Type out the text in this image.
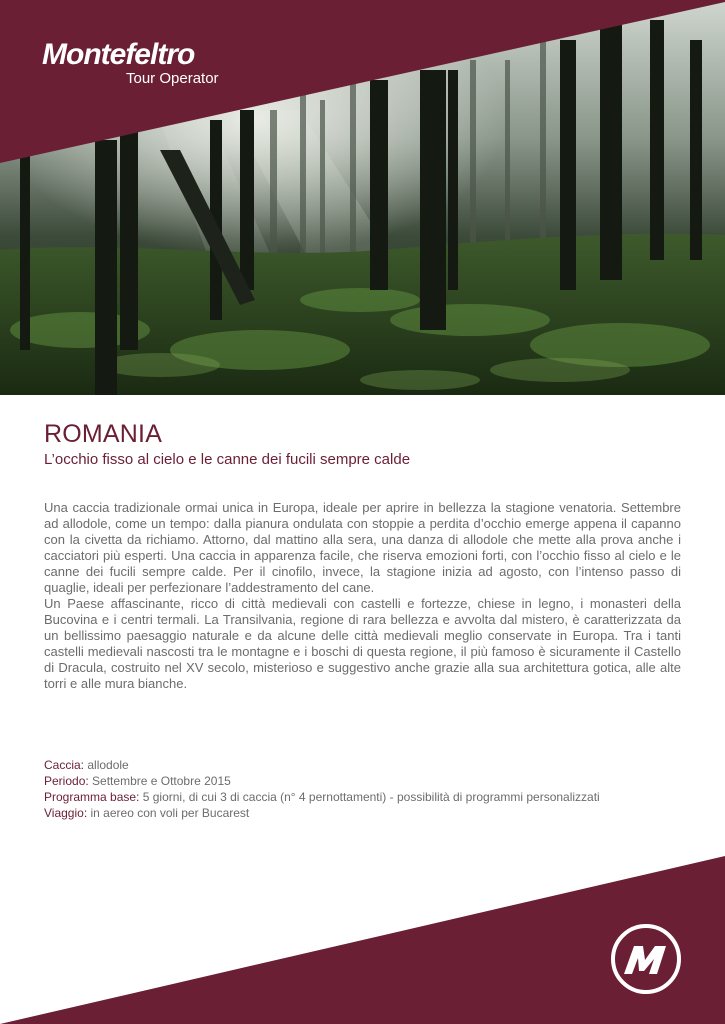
Montefeltro
Tour Operator
ROMANIA
L’occhio fisso al cielo e le canne dei fucili sempre calde

Una caccia tradizionale ormai unica in Europa, ideale per aprire in bellezza la stagione venatoria. Settembre ad allodole, come un tempo: dalla pianura ondulata con stoppie a perdita d’occhio emerge appena il capanno con la civetta da richiamo. Attorno, dal mattino alla sera, una danza di allodole che mette alla prova anche i cacciatori più esperti. Una caccia in apparenza facile, che riserva emozioni forti, con l’occhio fisso al cielo e le canne dei fucili sempre calde. Per il cinofilo, invece, la stagione inizia ad agosto, con l’intenso passo di quaglie, ideali per perfezionare l’addestramento del cane.

Un Paese affascinante, ricco di città medievali con castelli e fortezze, chiese in legno, i monasteri della Bucovina e i centri termali. La Transilvania, regione di rara bellezza e avvolta dal mistero, è caratterizzata da un bellissimo paesaggio naturale e da alcune delle città medievali meglio conservate in Europa. Tra i tanti castelli medievali nascosti tra le montagne e i boschi di questa regione, il più famoso è sicuramente il Castello di Dracula, costruito nel XV secolo, misterioso e suggestivo anche grazie alla sua architettura gotica, alle alte torri e alle mura bianche.

Caccia: allodole
Periodo: Settembre e Ottobre 2015
Programma base: 5 giorni, di cui 3 di caccia (n° 4 pernottamenti) - possibilità di programmi personalizzati
Viaggio: in aereo con voli per Bucarest
